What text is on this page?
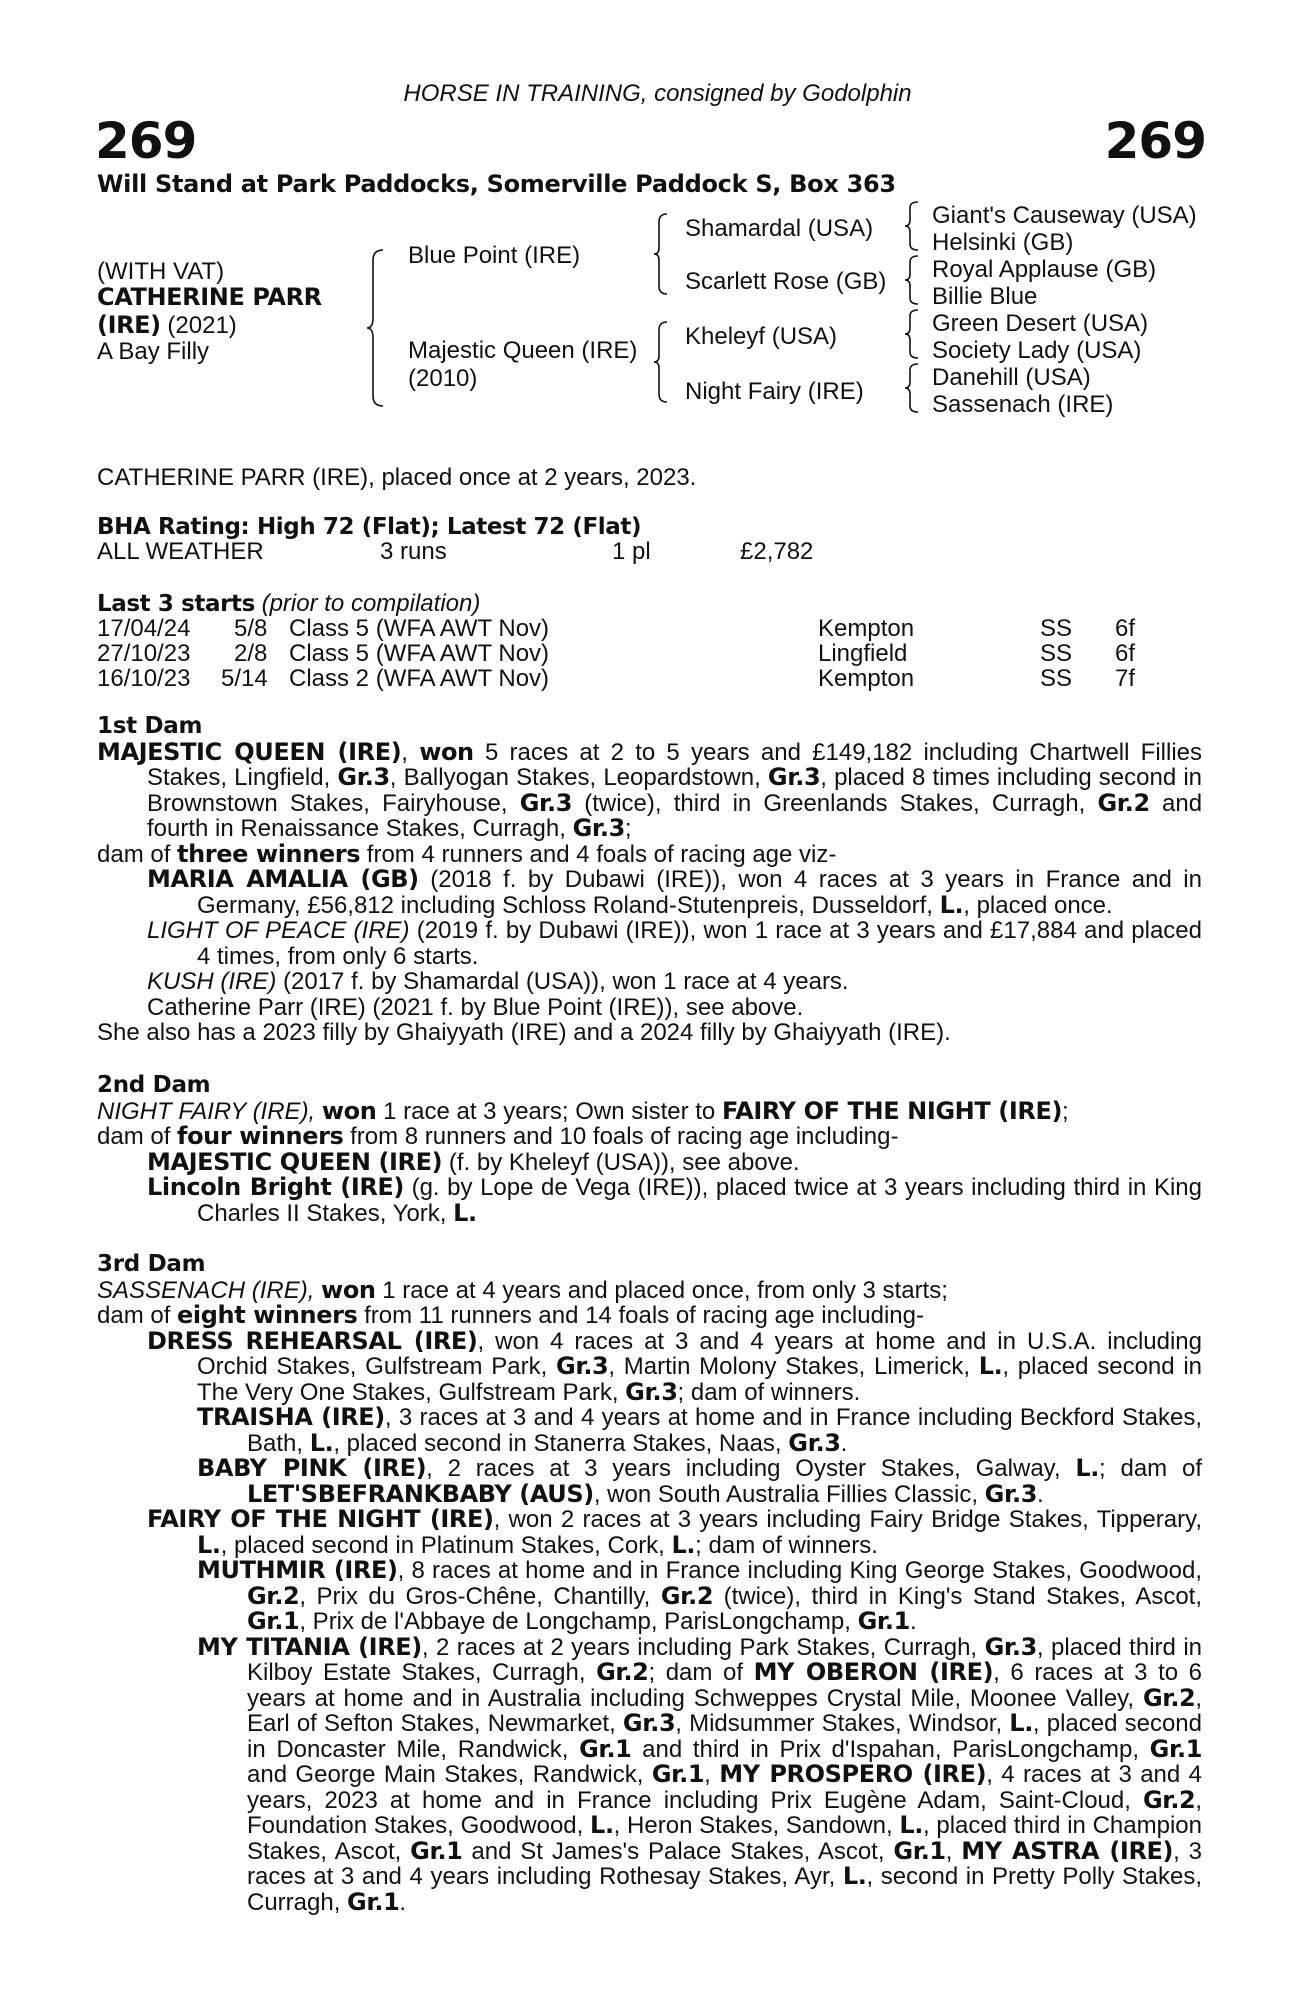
HORSE IN TRAINING, consigned by Godolphin
269	269
Will Stand at Park Paddocks, Somerville Paddock S, Box 363
(WITH VAT)
CATHERINE PARR
(IRE) (2021)
A Bay Filly
Blue Point (IRE)
Majestic Queen (IRE)
(2010)
Shamardal (USA)
Scarlett Rose (GB)
Kheleyf (USA)
Night Fairy (IRE)
Giant's Causeway (USA)
Helsinki (GB)
Royal Applause (GB)
Billie Blue
Green Desert (USA)
Society Lady (USA)
Danehill (USA)
Sassenach (IRE)
CATHERINE PARR (IRE), placed once at 2 years, 2023.
BHA Rating: High 72 (Flat); Latest 72 (Flat)
ALL WEATHER	3 runs	1 pl	£2,782
Last 3 starts (prior to compilation)
17/04/24 5/8 Class 5 (WFA AWT Nov)	Kempton	SS 6f
27/10/23 2/8 Class 5 (WFA AWT Nov)	Lingfield	SS 6f
16/10/23 5/14 Class 2 (WFA AWT Nov)	Kempton	SS 7f

1st Dam

MAJESTIC QUEEN (IRE), won 5 races at 2 to 5 years and £149,182 including Chartwell Fillies Stakes, Lingfield, Gr.3, Ballyogan Stakes, Leopardstown, Gr.3, placed 8 times including second in Brownstown Stakes, Fairyhouse, Gr.3 (twice), third in Greenlands Stakes, Curragh, Gr.2 and fourth in Renaissance Stakes, Curragh, Gr.3;

dam of three winners from 4 runners and 4 foals of racing age viz-

MARIA AMALIA (GB) (2018 f. by Dubawi (IRE)), won 4 races at 3 years in France and in Germany, £56,812 including Schloss Roland-Stutenpreis, Dusseldorf, L., placed once.

LIGHT OF PEACE (IRE) (2019 f. by Dubawi (IRE)), won 1 race at 3 years and £17,884 and placed 4 times, from only 6 starts.

KUSH (IRE) (2017 f. by Shamardal (USA)), won 1 race at 4 years.

Catherine Parr (IRE) (2021 f. by Blue Point (IRE)), see above.

She also has a 2023 filly by Ghaiyyath (IRE) and a 2024 filly by Ghaiyyath (IRE).

2nd Dam

NIGHT FAIRY (IRE), won 1 race at 3 years; Own sister to FAIRY OF THE NIGHT (IRE);

dam of four winners from 8 runners and 10 foals of racing age including-

MAJESTIC QUEEN (IRE) (f. by Kheleyf (USA)), see above.

Lincoln Bright (IRE) (g. by Lope de Vega (IRE)), placed twice at 3 years including third in King Charles II Stakes, York, L.

3rd Dam

SASSENACH (IRE), won 1 race at 4 years and placed once, from only 3 starts;

dam of eight winners from 11 runners and 14 foals of racing age including-

DRESS REHEARSAL (IRE), won 4 races at 3 and 4 years at home and in U.S.A. including Orchid Stakes, Gulfstream Park, Gr.3, Martin Molony Stakes, Limerick, L., placed second in The Very One Stakes, Gulfstream Park, Gr.3; dam of winners.

TRAISHA (IRE), 3 races at 3 and 4 years at home and in France including Beckford Stakes, Bath, L., placed second in Stanerra Stakes, Naas, Gr.3.

BABY PINK (IRE), 2 races at 3 years including Oyster Stakes, Galway, L.; dam of LET'SBEFRANKBABY (AUS), won South Australia Fillies Classic, Gr.3.

FAIRY OF THE NIGHT (IRE), won 2 races at 3 years including Fairy Bridge Stakes, Tipperary, L., placed second in Platinum Stakes, Cork, L.; dam of winners.

MUTHMIR (IRE), 8 races at home and in France including King George Stakes, Goodwood, Gr.2, Prix du Gros-Chêne, Chantilly, Gr.2 (twice), third in King's Stand Stakes, Ascot, Gr.1, Prix de l'Abbaye de Longchamp, ParisLongchamp, Gr.1.

MY TITANIA (IRE), 2 races at 2 years including Park Stakes, Curragh, Gr.3, placed third in Kilboy Estate Stakes, Curragh, Gr.2; dam of MY OBERON (IRE), 6 races at 3 to 6 years at home and in Australia including Schweppes Crystal Mile, Moonee Valley, Gr.2, Earl of Sefton Stakes, Newmarket, Gr.3, Midsummer Stakes, Windsor, L., placed second in Doncaster Mile, Randwick, Gr.1 and third in Prix d'Ispahan, ParisLongchamp, Gr.1 and George Main Stakes, Randwick, Gr.1, MY PROSPERO (IRE), 4 races at 3 and 4 years, 2023 at home and in France including Prix Eugène Adam, Saint-Cloud, Gr.2, Foundation Stakes, Goodwood, L., Heron Stakes, Sandown, L., placed third in Champion Stakes, Ascot, Gr.1 and St James's Palace Stakes, Ascot, Gr.1, MY ASTRA (IRE), 3 races at 3 and 4 years including Rothesay Stakes, Ayr, L., second in Pretty Polly Stakes, Curragh, Gr.1.
